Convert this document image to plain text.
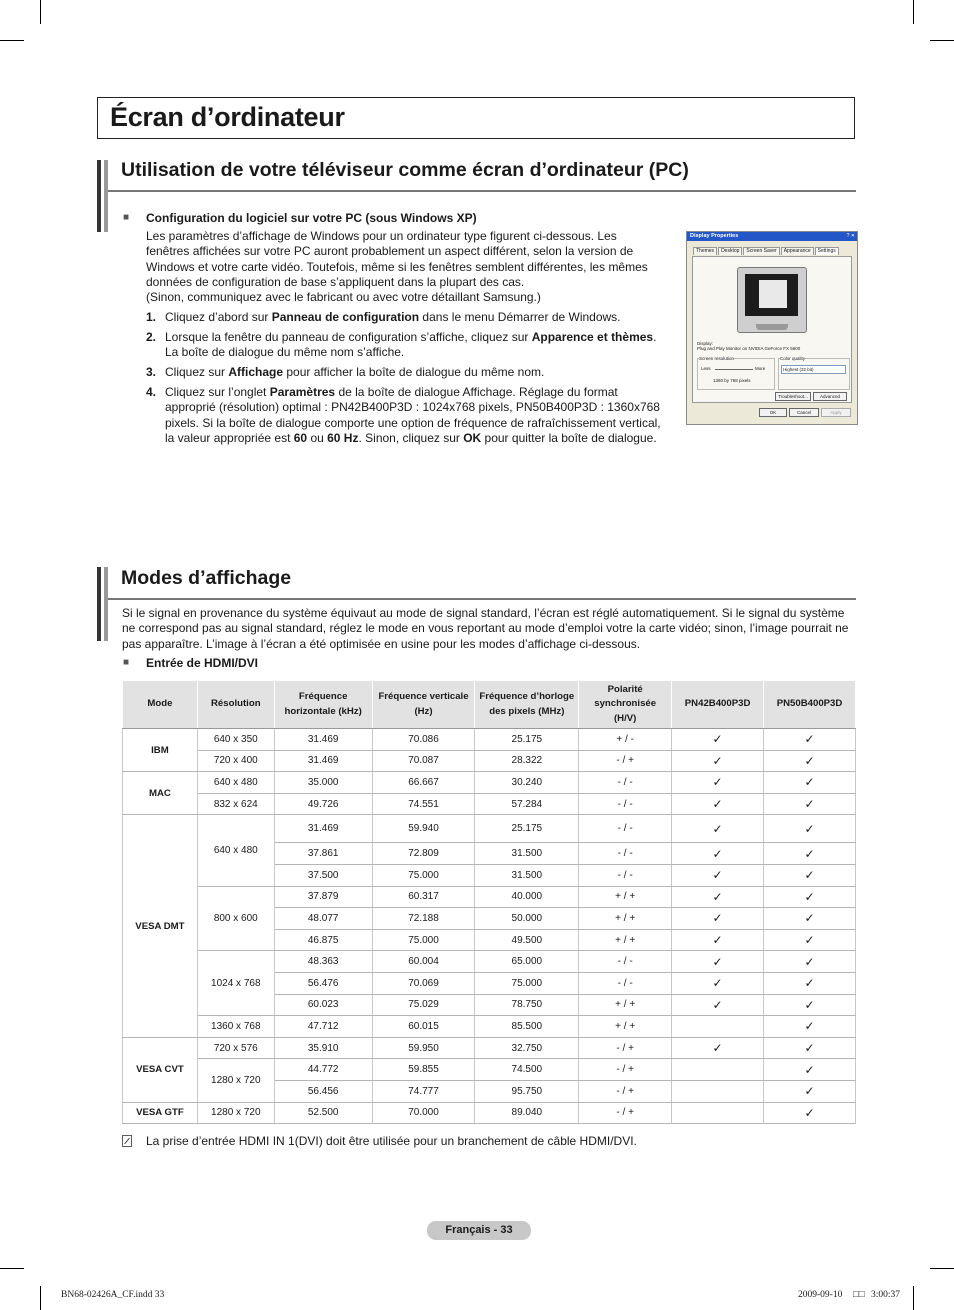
Écran d’ordinateur
Utilisation de votre téléviseur comme écran d’ordinateur (PC)
■ Configuration du logiciel sur votre PC (sous Windows XP)

Les paramètres d’affichage de Windows pour un ordinateur type figurent ci-dessous. Les fenêtres affichées sur votre PC auront probablement un aspect différent, selon la version de Windows et votre carte vidéo. Toutefois, même si les fenêtres semblent différentes, les mêmes données de configuration de base s’appliquent dans la plupart des cas.

(Sinon, communiquez avec le fabricant ou avec votre détaillant Samsung.)

1. Cliquez d’abord sur Panneau de configuration dans le menu Démarrer de Windows.
2. Lorsque la fenêtre du panneau de configuration s’affiche, cliquez sur Apparence et thèmes. La boîte de dialogue du même nom s’affiche.
3. Cliquez sur Affichage pour afficher la boîte de dialogue du même nom.
4. Cliquez sur l’onglet Paramètres de la boîte de dialogue Affichage. Réglage du format approprié (résolution) optimal : PN42B400P3D : 1024x768 pixels, PN50B400P3D : 1360x768 pixels. Si la boîte de dialogue comporte une option de fréquence de rafraîchissement vertical, la valeur appropriée est 60 ou 60 Hz. Sinon, cliquez sur OK pour quitter la boîte de dialogue.
Display Properties	? ✕
Themes Desktop Screen Saver Appearance Settings
Display:
Plug and Play Monitor on NVIDIA GeForce FX 5600
Screen resolution
Less	More
1360 by 768 pixels
Color quality
Highest (32 bit)
Troubleshoot...	Advanced
OK	Cancel	Apply
Modes d’affichage

Si le signal en provenance du système équivaut au mode de signal standard, l’écran est réglé automatiquement. Si le signal du système ne correspond pas au signal standard, réglez le mode en vous reportant au mode d’emploi votre la carte vidéo; sinon, l’image pourrait ne pas apparaître. L’image à l’écran a été optimisée en usine pour les modes d’affichage ci-dessous.

■ Entrée de HDMI/DVI
Mode	Résolution	Fréquence horizontale (kHz)	Fréquence verticale (Hz)	Fréquence d’horloge des pixels (MHz)	Polarité synchronisée (H/V)	PN42B400P3D	PN50B400P3D
IBM	640 x 350	31.469	70.086	25.175	+ / -	✓	✓
	720 x 400	31.469	70.087	28.322	- / +	✓	✓
MAC	640 x 480	35.000	66.667	30.240	- / -	✓	✓
	832 x 624	49.726	74.551	57.284	- / -	✓	✓
VESA DMT	640 x 480	31.469	59.940	25.175	- / -	✓	✓
		37.861	72.809	31.500	- / -	✓	✓
		37.500	75.000	31.500	- / -	✓	✓
	800 x 600	37.879	60.317	40.000	+ / +	✓	✓
		48.077	72.188	50.000	+ / +	✓	✓
		46.875	75.000	49.500	+ / +	✓	✓
	1024 x 768	48.363	60.004	65.000	- / -	✓	✓
		56.476	70.069	75.000	- / -	✓	✓
		60.023	75.029	78.750	+ / +	✓	✓
	1360 x 768	47.712	60.015	85.500	+ / +		✓
VESA CVT	720 x 576	35.910	59.950	32.750	- / +	✓	✓
	1280 x 720	44.772	59.855	74.500	- / +		✓
		56.456	74.777	95.750	- / +		✓
VESA GTF	1280 x 720	52.500	70.000	89.040	- / +		✓
La prise d’entrée HDMI IN 1(DVI) doit être utilisée pour un branchement de câble HDMI/DVI.
Français - 33
BN68-02426A_CF.indd 33	2009-09-10 □□ 3:00:37
